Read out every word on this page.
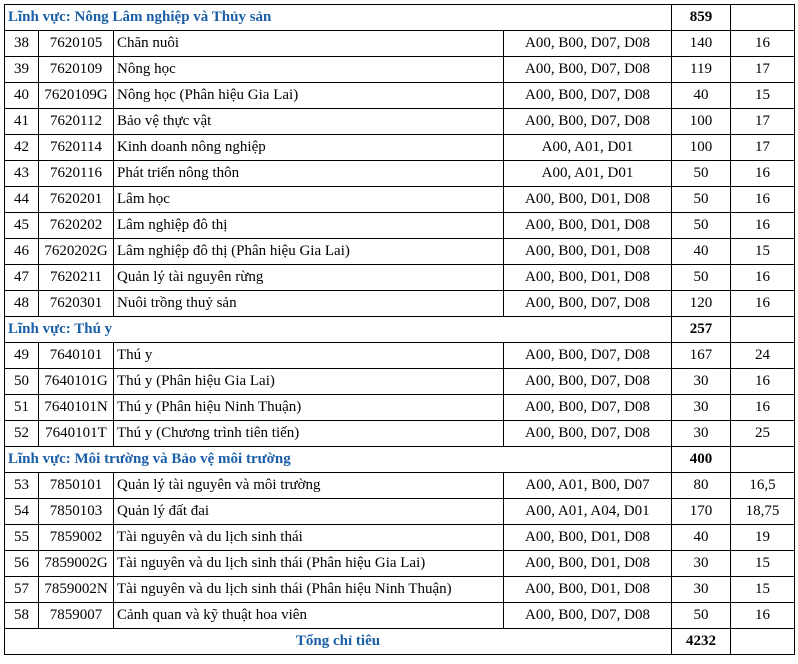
Lĩnh vực: Nông Lâm nghiệp và Thủy sản				859	
38	7620105	Chăn nuôi	A00, B00, D07, D08	140	16
39	7620109	Nông học	A00, B00, D07, D08	119	17
40	7620109G	Nông học (Phân hiệu Gia Lai)	A00, B00, D07, D08	40	15
41	7620112	Bảo vệ thực vật	A00, B00, D07, D08	100	17
42	7620114	Kinh doanh nông nghiệp	A00, A01, D01	100	17
43	7620116	Phát triển nông thôn	A00, A01, D01	50	16
44	7620201	Lâm học	A00, B00, D01, D08	50	16
45	7620202	Lâm nghiệp đô thị	A00, B00, D01, D08	50	16
46	7620202G	Lâm nghiệp đô thị (Phân hiệu Gia Lai)	A00, B00, D01, D08	40	15
47	7620211	Quản lý tài nguyên rừng	A00, B00, D01, D08	50	16
48	7620301	Nuôi trồng thuỷ sản	A00, B00, D07, D08	120	16
Lĩnh vực: Thú y				257	
49	7640101	Thú y	A00, B00, D07, D08	167	24
50	7640101G	Thú y (Phân hiệu Gia Lai)	A00, B00, D07, D08	30	16
51	7640101N	Thú y (Phân hiệu Ninh Thuận)	A00, B00, D07, D08	30	16
52	7640101T	Thú y (Chương trình tiên tiến)	A00, B00, D07, D08	30	25
Lĩnh vực: Môi trường và Bảo vệ môi trường				400	
53	7850101	Quản lý tài nguyên và môi trường	A00, A01, B00, D07	80	16,5
54	7850103	Quản lý đất đai	A00, A01, A04, D01	170	18,75
55	7859002	Tài nguyên và du lịch sinh thái	A00, B00, D01, D08	40	19
56	7859002G	Tài nguyên và du lịch sinh thái (Phân hiệu Gia Lai)	A00, B00, D01, D08	30	15
57	7859002N	Tài nguyên và du lịch sinh thái (Phân hiệu Ninh Thuận)	A00, B00, D01, D08	30	15
58	7859007	Cảnh quan và kỹ thuật hoa viên	A00, B00, D07, D08	50	16
Tổng chỉ tiêu				4232	
